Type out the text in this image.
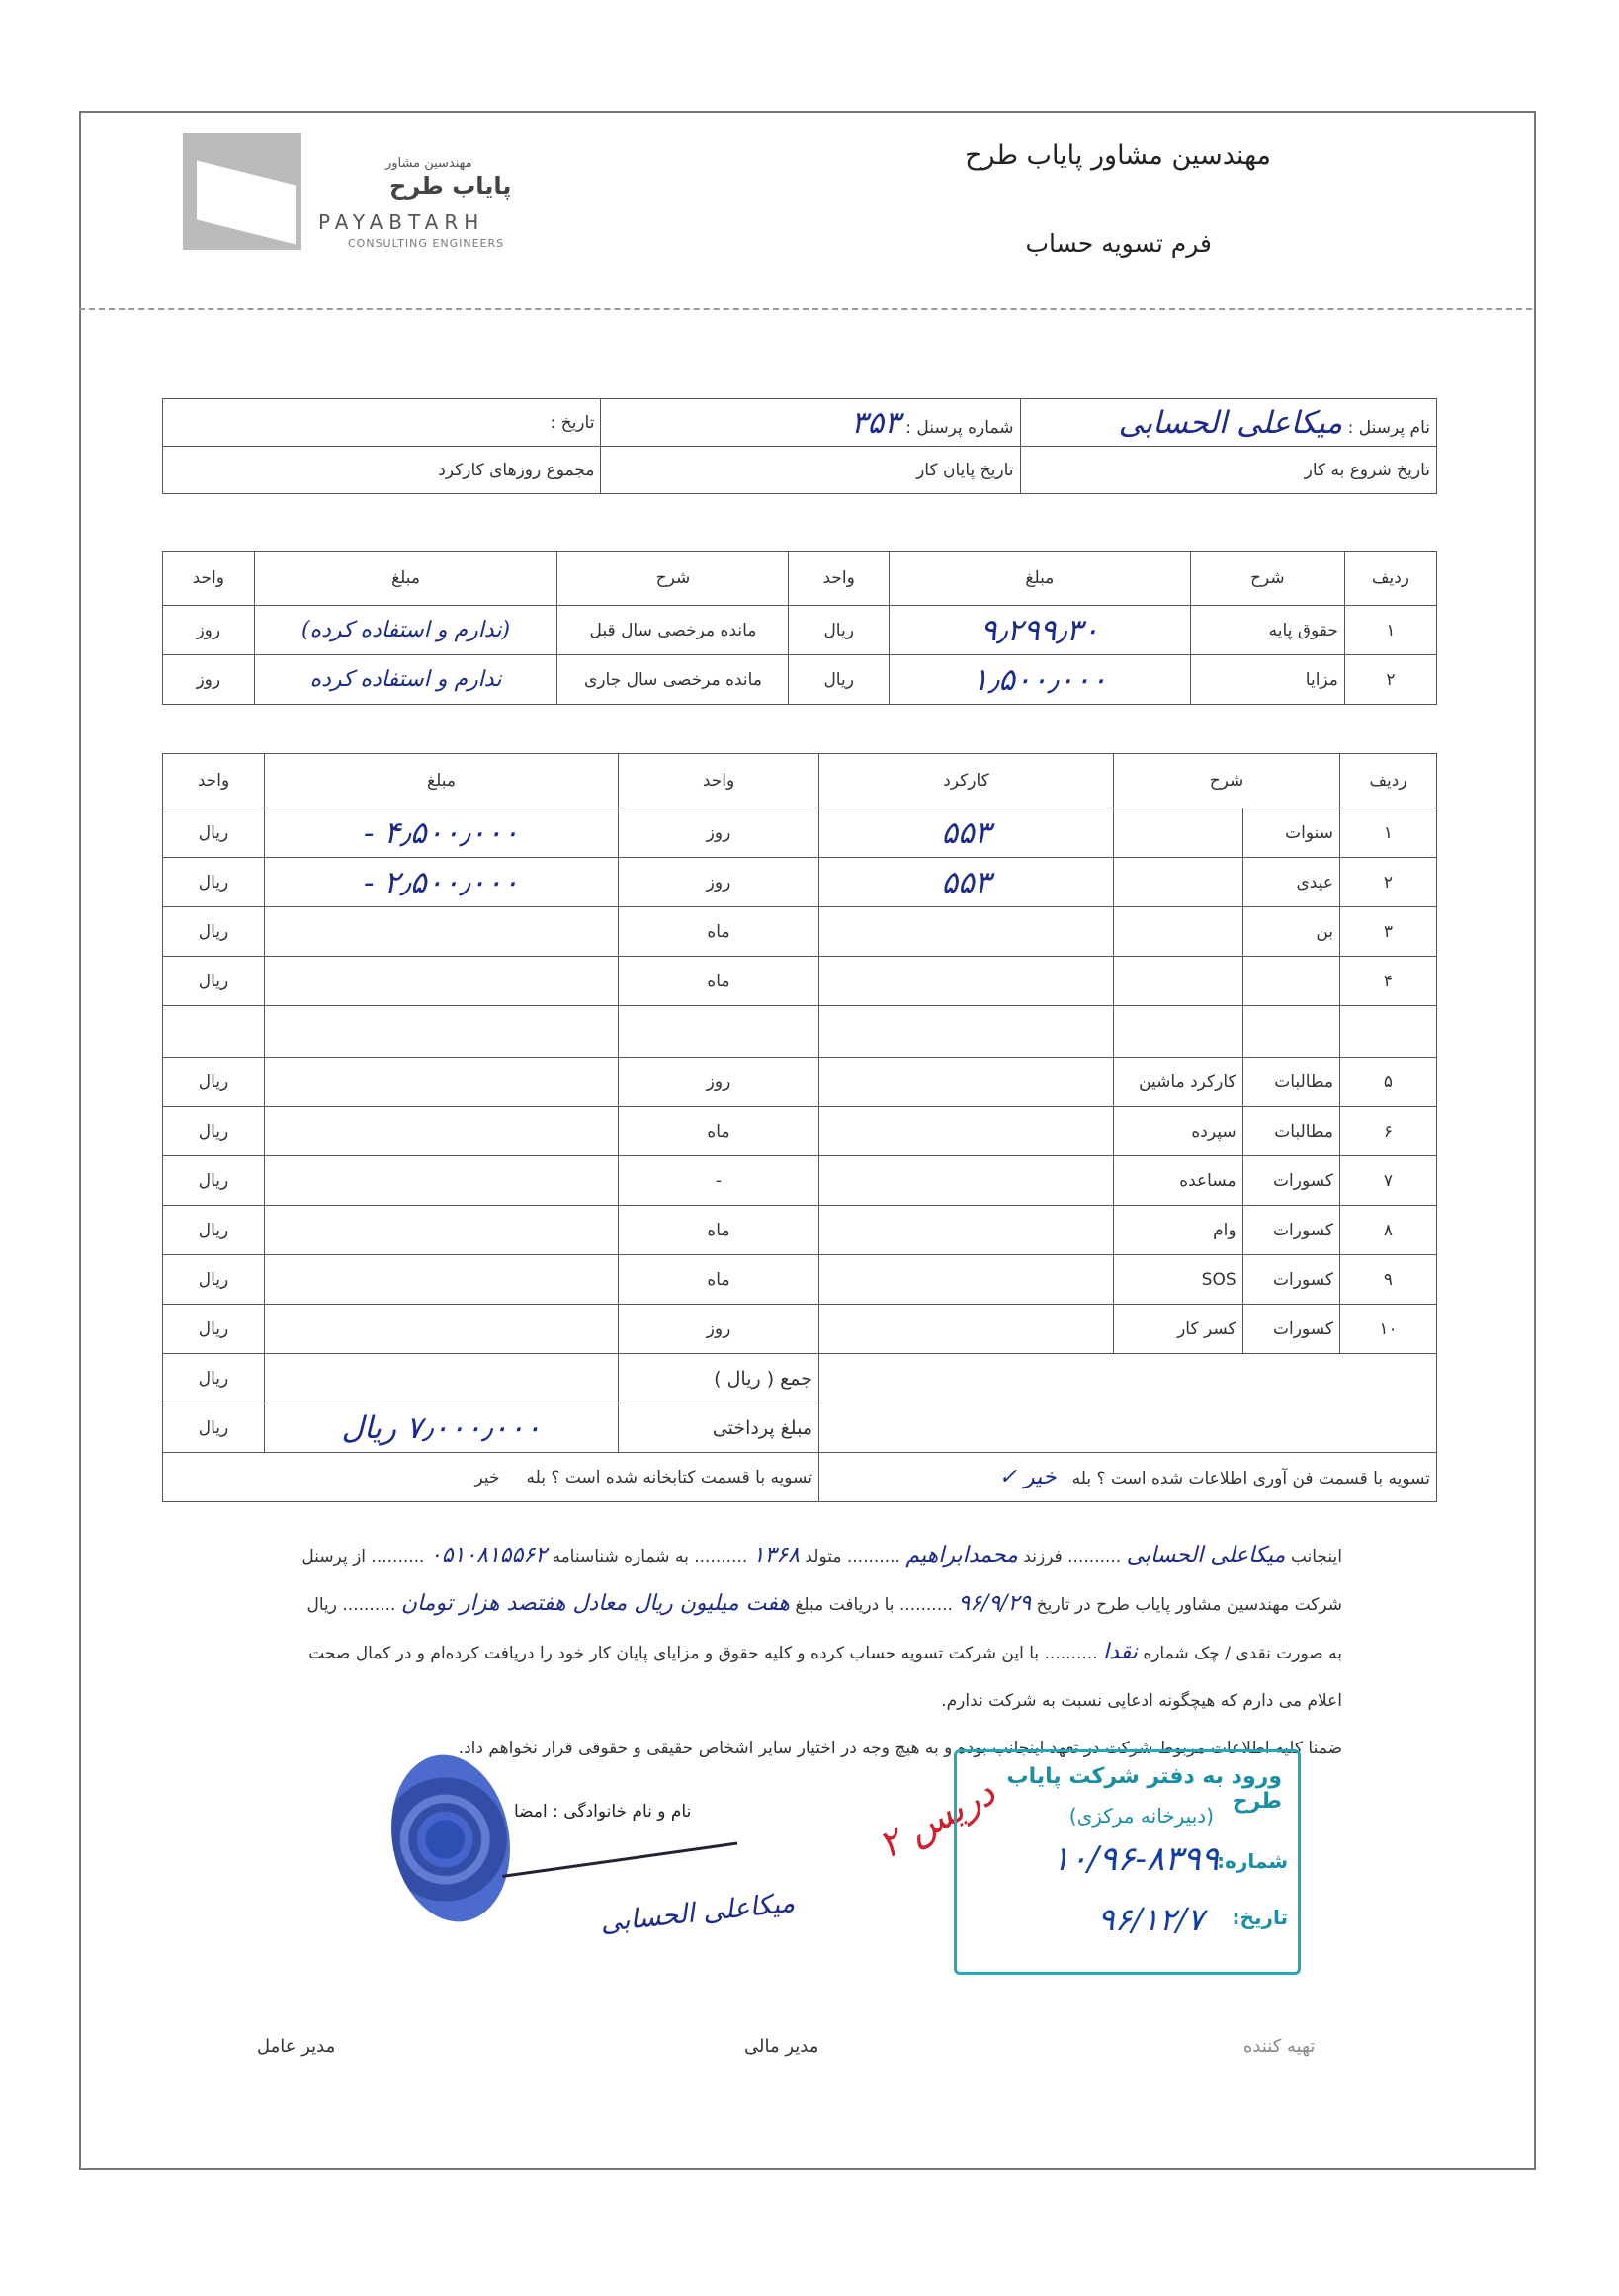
مهندسین مشاور
پایاب طرح
PAYABTARH
CONSULTING ENGINEERS
مهندسین مشاور پایاب طرح
فرم تسویه حساب
نام پرسنل : میکاعلی الحسابی	شماره پرسنل : ۳۵۳	تاریخ :
تاریخ شروع به کار	تاریخ پایان کار	مجموع روزهای کارکرد
ردیف	شرح	مبلغ	واحد	شرح	مبلغ	واحد
۱	حقوق پایه	۹٫۲۹۹٫۳۰	ریال	مانده مرخصی سال قبل	(ندارم و استفاده کرده)	روز
۲	مزایا	۱٫۵۰۰٫۰۰۰	ریال	مانده مرخصی سال جاری	ندارم و استفاده کرده	روز
ردیف	شرح		کارکرد	واحد	مبلغ	واحد
۱	سنوات		۵۵۳	روز	۴٫۵۰۰٫۰۰۰ -	ریال
۲	عیدی		۵۵۳	روز	۲٫۵۰۰٫۰۰۰ -	ریال
۳	بن			ماه		ریال
۴				ماه		ریال

۵	مطالبات	کارکرد ماشین		روز		ریال
۶	مطالبات	سپرده		ماه		ریال
۷	کسورات	مساعده		-		ریال
۸	کسورات	وام		ماه		ریال
۹	کسورات	SOS		ماه		ریال
۱۰	کسورات	کسر کار		روز		ریال
				جمع ( ریال )		ریال
				مبلغ پرداختی	۷٫۰۰۰٫۰۰۰ ریال	ریال
تسویه با قسمت فن آوری اطلاعات شده است ؟ بله   خیر ✓				تسویه با قسمت کتابخانه شده است ؟ بله     خیر		
اینجانب میکاعلی الحسابی .......... فرزند محمدابراهیم .......... متولد ۱۳۶۸ .......... به شماره شناسنامه ۰۵۱۰۸۱۵۵۶۲ .......... از پرسنل
شرکت مهندسین مشاور پایاب طرح در تاریخ ۹۶/۹/۲۹ .......... با دریافت مبلغ هفت میلیون ریال معادل هفتصد هزار تومان .......... ریال
به صورت نقدی / چک شماره نقدا .......... با این شرکت تسویه حساب کرده و کلیه حقوق و مزایای پایان کار خود را دریافت کرده‌ام و در کمال صحت
اعلام می دارم که هیچگونه ادعایی نسبت به شرکت ندارم.
ضمنا کلیه اطلاعات مربوط شرکت در تعهد اینجانب بوده و به هیچ وجه در اختیار سایر اشخاص حقیقی و حقوقی قرار نخواهم داد.
نام و نام خانوادگی : امضا
میکاعلی الحسابی
دریس ۲ ورود به دفتر شرکت پایاب طرح
(دبیرخانه مرکزی)
شماره:
۱۰/۹۶-۸۳۹۹
تاریخ:
۹۶/۱۲/۷
تهیه کننده
مدیر مالی
مدیر عامل
